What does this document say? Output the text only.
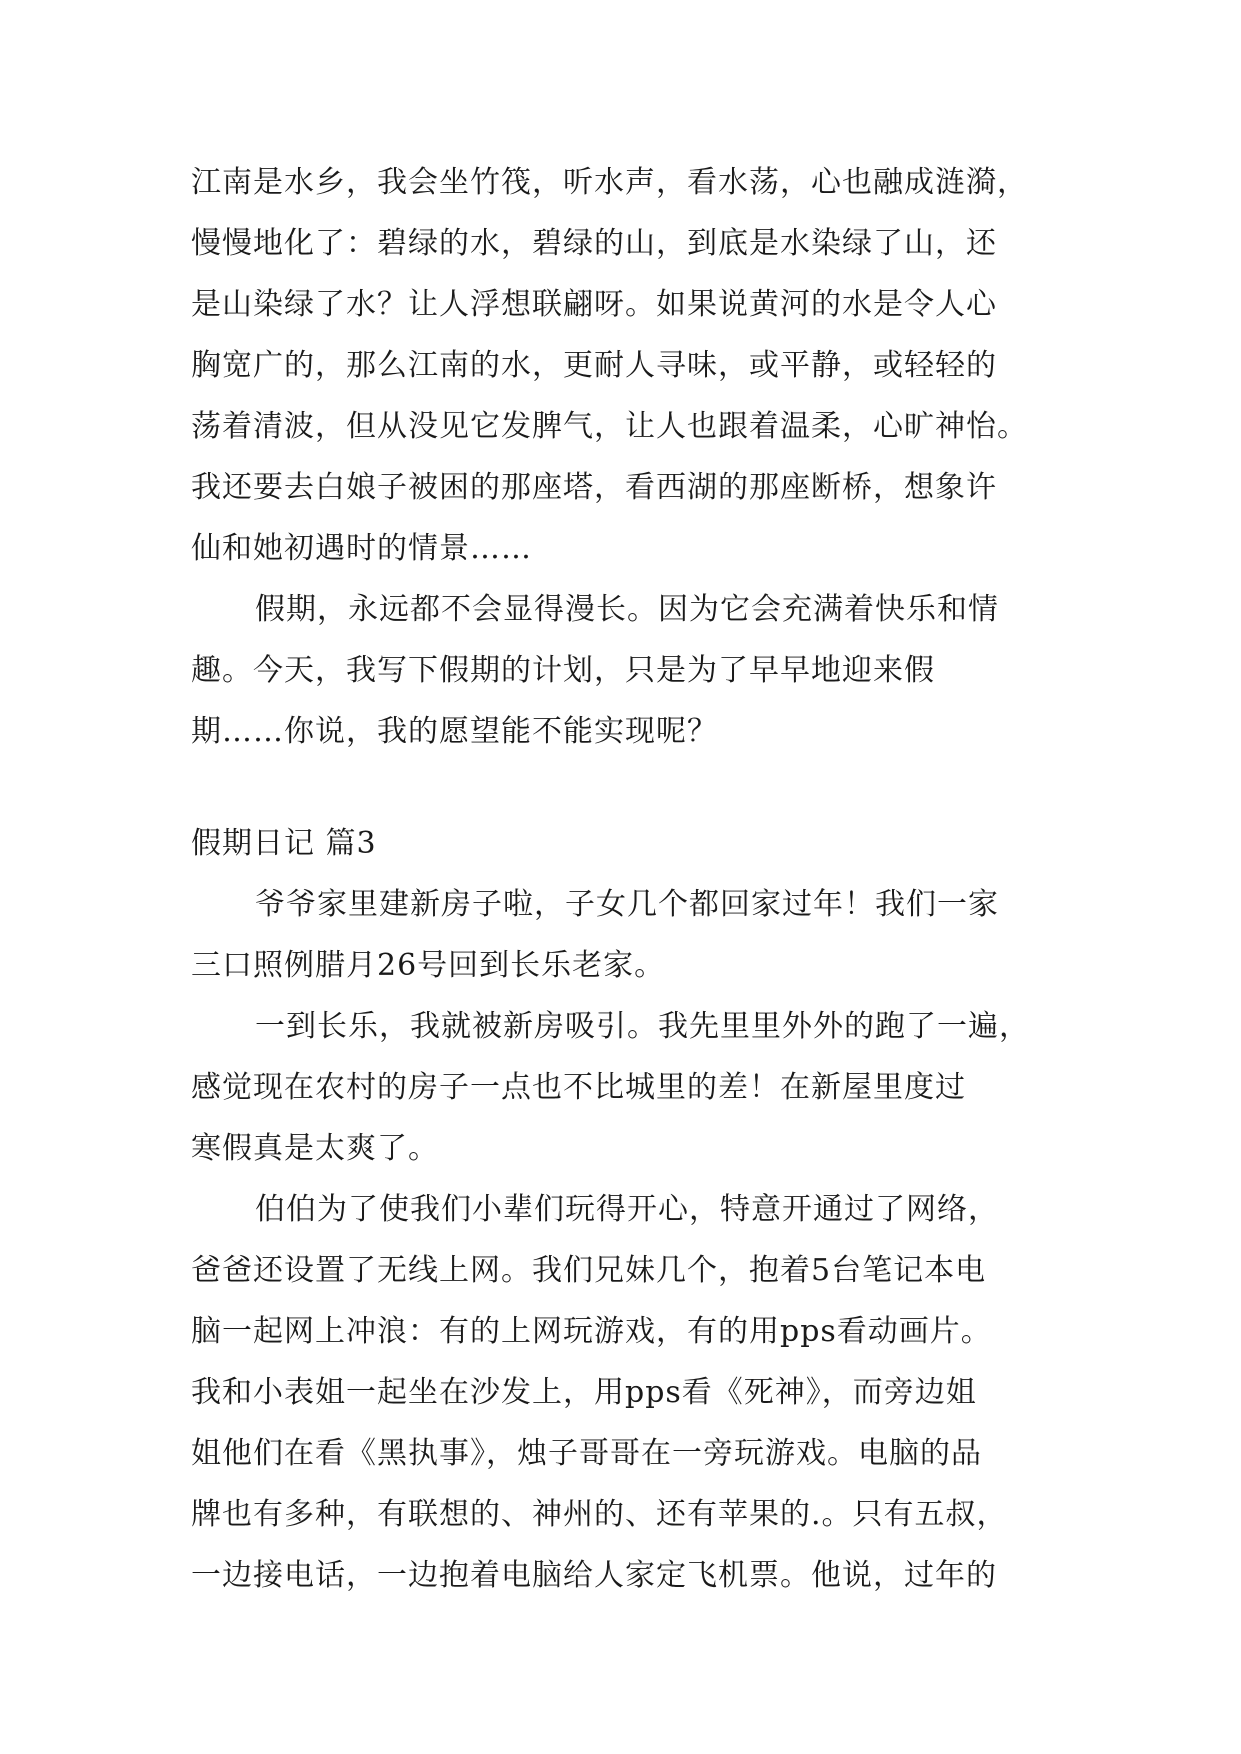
江南是水乡，我会坐竹筏，听水声，看水荡，心也融成涟漪，
慢慢地化了：碧绿的水，碧绿的山，到底是水染绿了山，还
是山染绿了水？让人浮想联翩呀。如果说黄河的水是令人心
胸宽广的，那么江南的水，更耐人寻味，或平静，或轻轻的
荡着清波，但从没见它发脾气，让人也跟着温柔，心旷神怡。
我还要去白娘子被困的那座塔，看西湖的那座断桥，想象许
仙和她初遇时的情景……

假期，永远都不会显得漫长。因为它会充满着快乐和情
趣。今天，我写下假期的计划，只是为了早早地迎来假
期……你说，我的愿望能不能实现呢？

假期日记 篇3

爷爷家里建新房子啦，子女几个都回家过年！我们一家
三口照例腊月26号回到长乐老家。

一到长乐，我就被新房吸引。我先里里外外的跑了一遍，
感觉现在农村的房子一点也不比城里的差！在新屋里度过
寒假真是太爽了。

伯伯为了使我们小辈们玩得开心，特意开通过了网络，
爸爸还设置了无线上网。我们兄妹几个，抱着5台笔记本电
脑一起网上冲浪：有的上网玩游戏，有的用pps看动画片。
我和小表姐一起坐在沙发上，用pps看《死神》，而旁边姐
姐他们在看《黑执事》，烛子哥哥在一旁玩游戏。电脑的品
牌也有多种，有联想的、神州的、还有苹果的.。只有五叔，
一边接电话，一边抱着电脑给人家定飞机票。他说，过年的
